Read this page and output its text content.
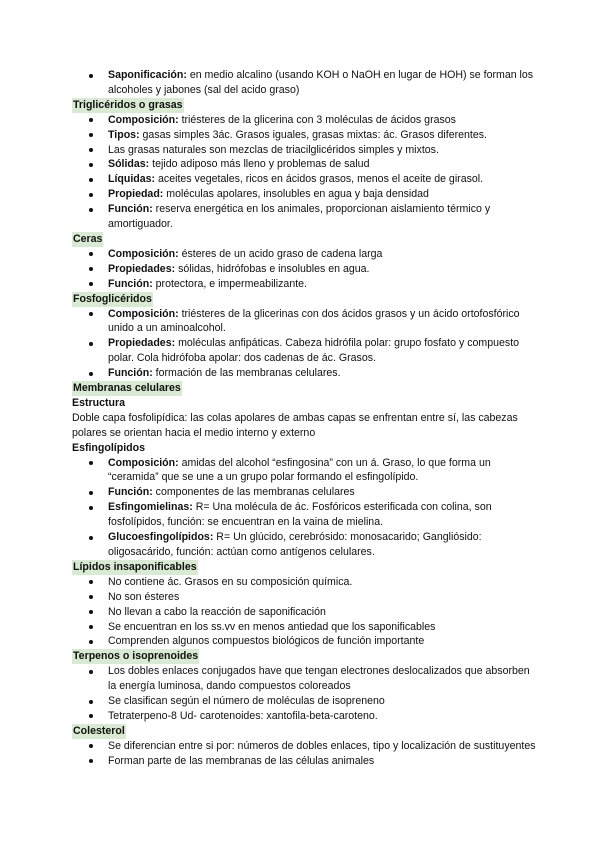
Saponificación: en medio alcalino (usando KOH o NaOH en lugar de HOH) se forman los alcoholes y jabones (sal del acido graso)
Triglicéridos o grasas
Composición: triésteres de la glicerina con 3 moléculas de ácidos grasos
Tipos: gasas simples 3ác. Grasos iguales, grasas mixtas: ác. Grasos diferentes.
Las grasas naturales son mezclas de triacilglicéridos simples y mixtos.
Sólidas: tejido adiposo más lleno y problemas de salud
Líquidas: aceites vegetales, ricos en ácidos grasos, menos el aceite de girasol.
Propiedad: moléculas apolares, insolubles en agua y baja densidad
Función: reserva energética en los animales, proporcionan aislamiento térmico y amortiguador.
Ceras
Composición: ésteres de un acido graso de cadena larga
Propiedades: sólidas, hidrófobas e insolubles en agua.
Función: protectora, e impermeabilizante.
Fosfoglicéridos
Composición: triésteres de la glicerinas con dos ácidos grasos y un ácido ortofosfórico unido a un aminoalcohol.
Propiedades: moléculas anfipáticas. Cabeza hidrófila polar: grupo fosfato y compuesto polar. Cola hidrófoba apolar: dos cadenas de ác. Grasos.
Función: formación de las membranas celulares.
Membranas celulares
Estructura

Doble capa fosfolipídica: las colas apolares de ambas capas se enfrentan entre sí, las cabezas polares se orientan hacia el medio interno y externo

Esfingolípidos
Composición: amidas del alcohol “esfingosina” con un á. Graso, lo que forma un “ceramida” que se une a un grupo polar formando el esfingolípido.
Función: componentes de las membranas celulares
Esfingomielinas: R= Una molécula de ác. Fosfóricos esterificada con colina, son fosfolípidos, función: se encuentran en la vaina de mielina.
Glucoesfingolípidos: R= Un glúcido, cerebrósido: monosacarido; Gangliósido: oligosacárido, función: actúan como antígenos celulares.
Lípidos insaponificables
No contiene ác. Grasos en su composición química.
No son ésteres
No llevan a cabo la reacción de saponificación
Se encuentran en los ss.vv en menos antiedad que los saponificables
Comprenden algunos compuestos biológicos de función importante
Terpenos o isoprenoides
Los dobles enlaces conjugados have que tengan electrones deslocalizados que absorben la energía luminosa, dando compuestos coloreados
Se clasifican según el número de moléculas de isopreneno
Tetraterpeno-8 Ud- carotenoides: xantofila-beta-caroteno.
Colesterol
Se diferencian entre si por: números de dobles enlaces, tipo y localización de sustituyentes
Forman parte de las membranas de las células animales
